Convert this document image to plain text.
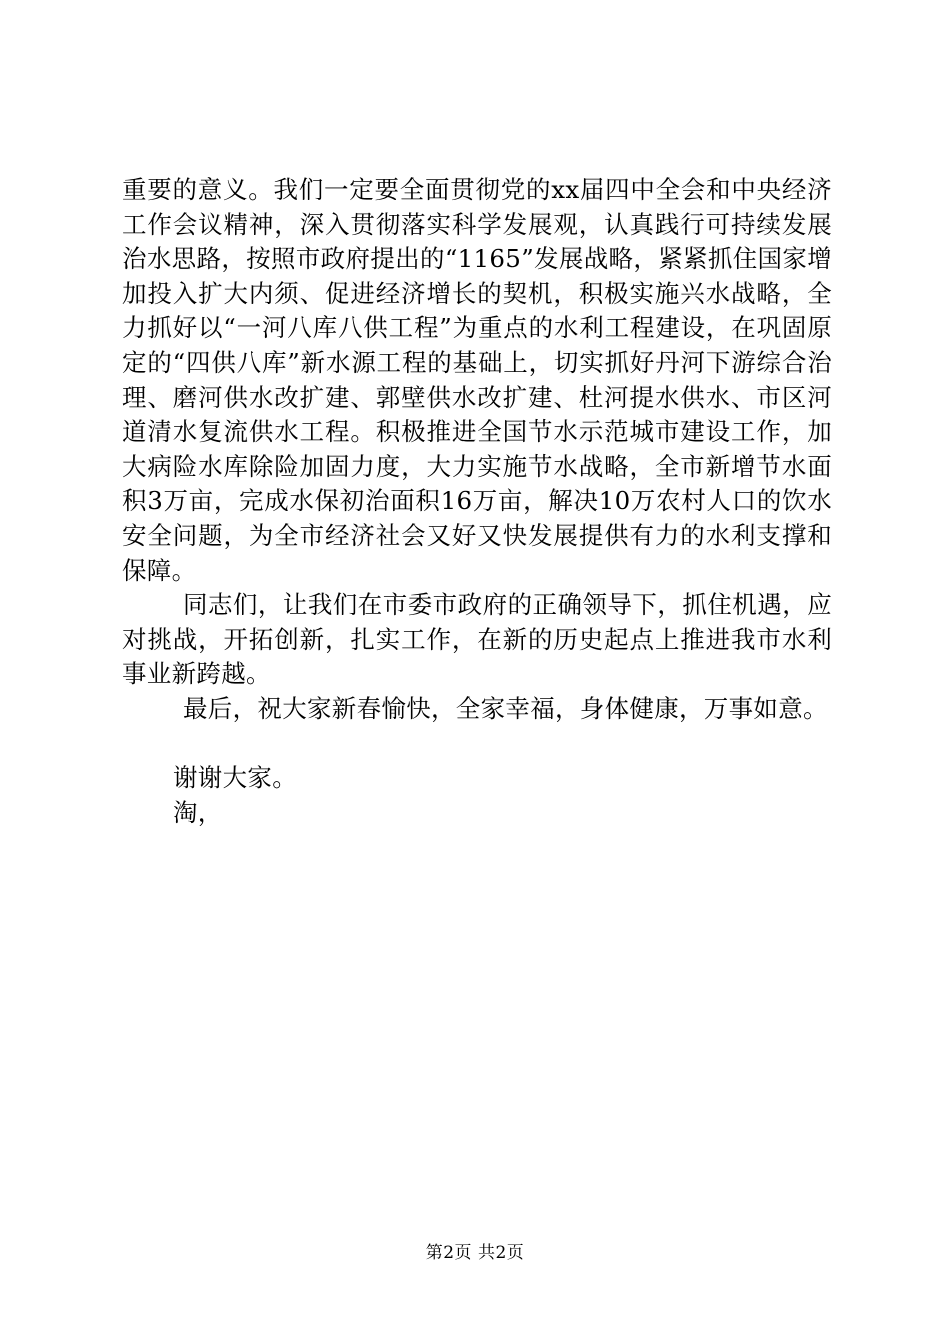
重要的意义。我们一定要全面贯彻党的xx届四中全会和中央经济工作会议精神，深入贯彻落实科学发展观，认真践行可持续发展治水思路，按照市政府提出的“1165”发展战略，紧紧抓住国家增加投入扩大内须、促进经济增长的契机，积极实施兴水战略，全力抓好以“一河八库八供工程”为重点的水利工程建设，在巩固原定的“四供八库”新水源工程的基础上，切实抓好丹河下游综合治理、磨河供水改扩建、郭壁供水改扩建、杜河提水供水、市区河道清水复流供水工程。积极推进全国节水示范城市建设工作，加大病险水库除险加固力度，大力实施节水战略，全市新增节水面积3万亩，完成水保初治面积16万亩，解决10万农村人口的饮水安全问题，为全市经济社会又好又快发展提供有力的水利支撑和保障。

同志们，让我们在市委市政府的正确领导下，抓住机遇，应对挑战，开拓创新，扎实工作，在新的历史起点上推进我市水利事业新跨越。

最后，祝大家新春愉快，全家幸福，身体健康，万事如意。

谢谢大家。
淘，
第2页 共2页
